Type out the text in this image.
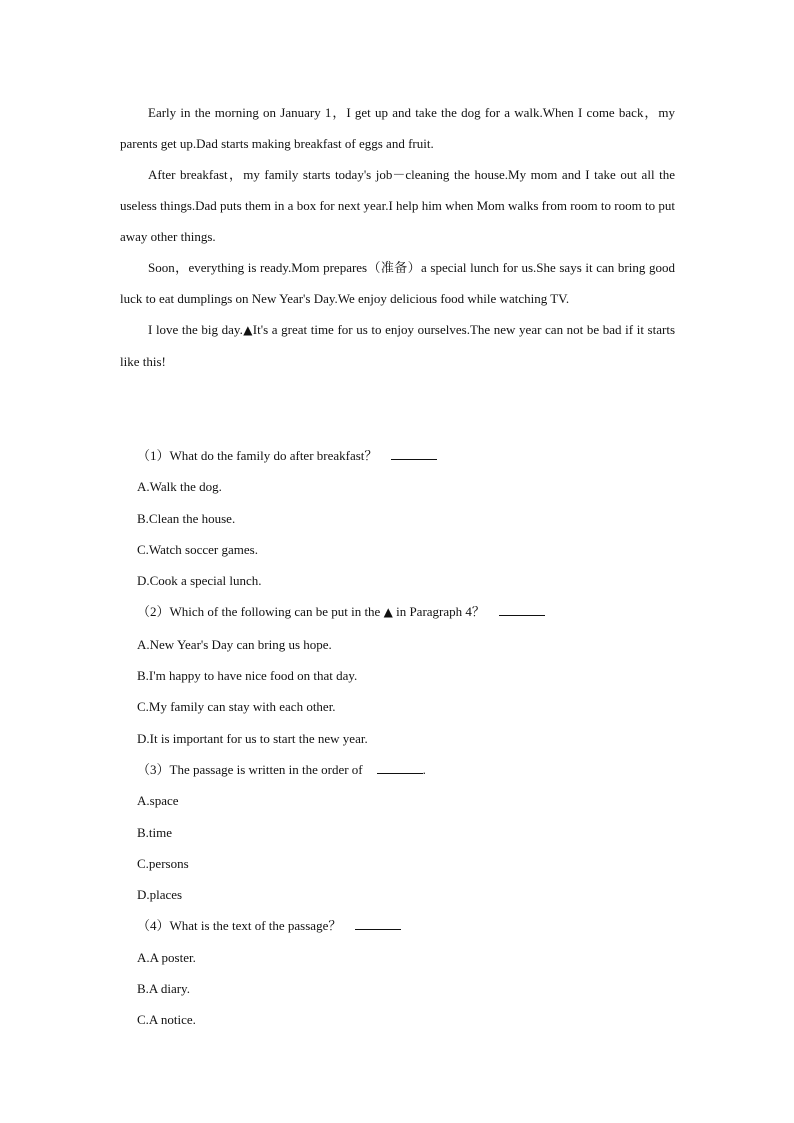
Early in the morning on January 1，I get up and take the dog for a walk.When I come back，my parents get up.Dad starts making breakfast of eggs and fruit.

After breakfast，my family starts today's job－cleaning the house.My mom and I take out all the useless things.Dad puts them in a box for next year.I help him when Mom walks from room to room to put away other things.

Soon，everything is ready.Mom prepares（准备）a special lunch for us.She says it can bring good luck to eat dumplings on New Year's Day.We enjoy delicious food while watching TV.

I love the big day.▲It's a great time for us to enjoy ourselves.The new year can not be bad if it starts like this!

（1）What do the family do after breakfast？

A.Walk the dog.

B.Clean the house.

C.Watch soccer games.

D.Cook a special lunch.

（2）Which of the following can be put in the ▲ in Paragraph 4？

A.New Year's Day can bring us hope.

B.I'm happy to have nice food on that day.

C.My family can stay with each other.

D.It is important for us to start the new year.

（3）The passage is written in the order of	.

A.space

B.time

C.persons

D.places

（4）What is the text of the passage？

A.A poster.

B.A diary.

C.A notice.
